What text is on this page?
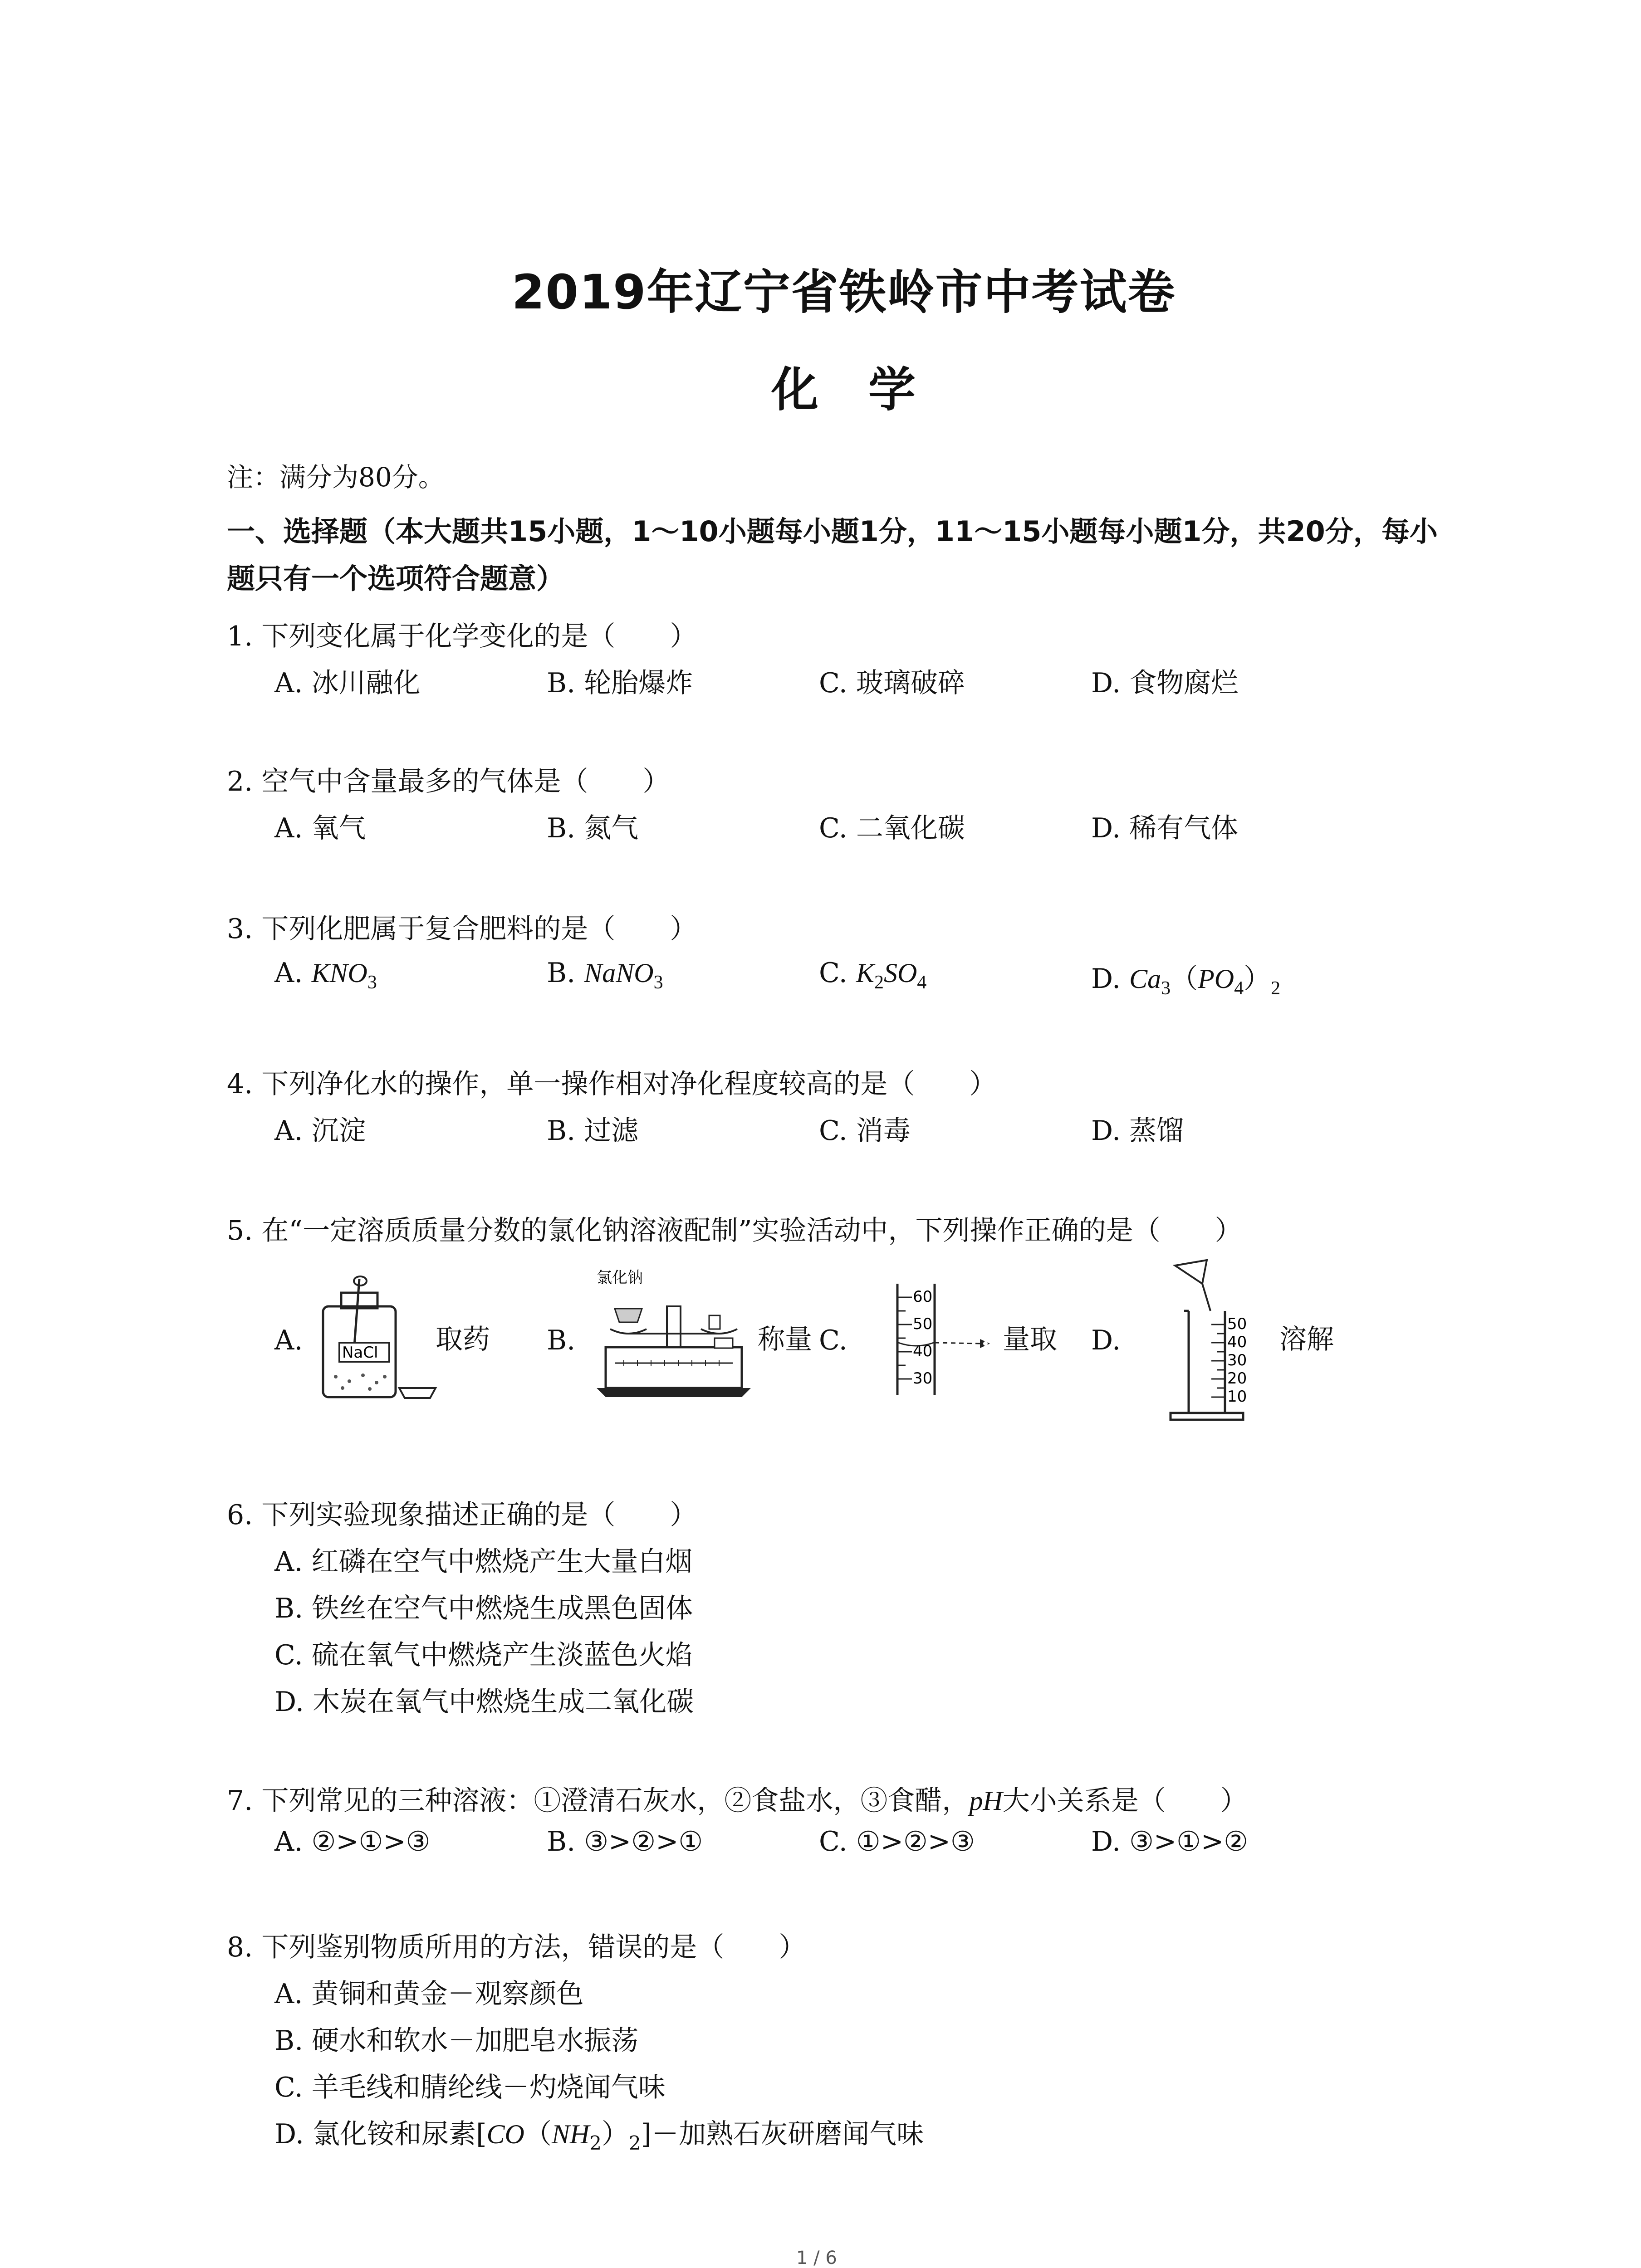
2019年辽宁省铁岭市中考试卷
化学
注：满分为80分。
一、选择题（本大题共15小题，1～10小题每小题1分，11～15小题每小题1分，共20分，每小题只有一个选项符合题意）
1. 下列变化属于化学变化的是（　　）
A. 冰川融化	B. 轮胎爆炸	C. 玻璃破碎	D. 食物腐烂
2. 空气中含量最多的气体是（　　）
A. 氧气	B. 氮气	C. 二氧化碳	D. 稀有气体
3. 下列化肥属于复合肥料的是（　　）
A. $KNO_3$	B. NaNO$_3$	C. $K_2SO_4$	D. $Ca_3(PO_4)_2$
4. 下列净化水的操作，单一操作相对净化程度较高的是（　　）
A. 沉淀	B. 过滤	C. 消毒	D. 蒸馏
5. 在“一定溶质质量分数的氯化钠溶液配制”实验活动中，下列操作正确的是（　　）
A.	NaCl 取药 B.
氯化钠
称量 C.
60
50
40
30
量取 D.
50
40
30
20
10
溶解
6. 下列实验现象描述正确的是（　　）
A. 红磷在空气中燃烧产生大量白烟
B. 铁丝在空气中燃烧生成黑色固体
C. 硫在氧气中燃烧产生淡蓝色火焰
D. 木炭在氧气中燃烧生成二氧化碳
7. 下列常见的三种溶液：①澄清石灰水，②食盐水，③食醋，pH大小关系是（　　）
A. ②>①>③	B. ③>②>①	C. ①>②>③	D. ③>①>②
8. 下列鉴别物质所用的方法，错误的是（　　）
A. 黄铜和黄金－观察颜色
B. 硬水和软水－加肥皂水振荡
C. 羊毛线和腈纶线－灼烧闻气味
D. 氯化铵和尿素$[CO(NH_2)_2]-$加熟石灰研磨闻气味
1 / 6
